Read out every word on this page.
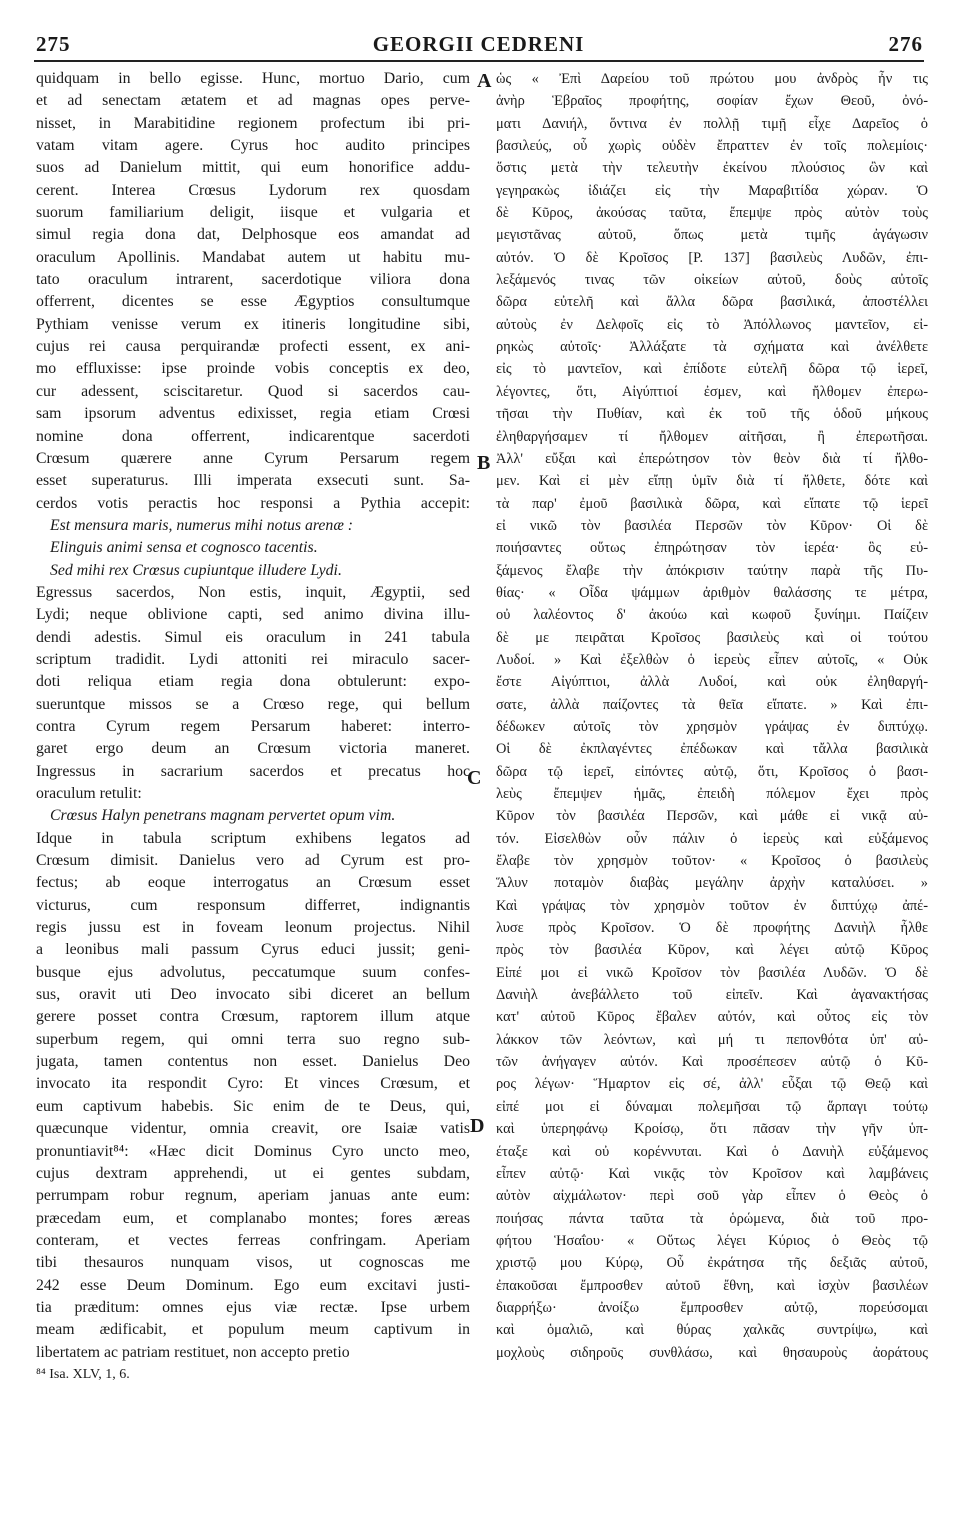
275	GEORGII CEDRENI	276
quidquam in bello egisse. Hunc, mortuo Dario, cum
et ad senectam ætatem et ad magnas opes perve-
nisset, in Marabitidine regionem profectum ibi pri-
vatam vitam agere. Cyrus hoc audito principes
suos ad Danielum mittit, qui eum honorifice addu-
cerent. Interea Crœsus Lydorum rex quosdam
suorum familiarium deligit, iisque et vulgaria et
simul regia dona dat, Delphosque eos amandat ad
oraculum Apollinis. Mandabat autem ut habitu mu-
tato oraculum intrarent, sacerdotique viliora dona
offerrent, dicentes se esse Ægyptios consultumque
Pythiam venisse verum ex itineris longitudine sibi,
cujus rei causa perquirandæ profecti essent, ex ani-
mo effluxisse: ipse proinde vobis conceptis ex deo,
cur adessent, sciscitaretur. Quod si sacerdos cau-
sam ipsorum adventus edixisset, regia etiam Crœsi
nomine dona offerrent, indicarentque sacerdoti
Crœsum quærere anne Cyrum Persarum regem
esset superaturus. Illi imperata exsecuti sunt. Sa-
cerdos votis peractis hoc responsi a Pythia accepit:
Est mensura maris, numerus mihi notus arenæ :
Elinguis animi sensa et cognosco tacentis.
Sed mihi rex Crœsus cupiuntque illudere Lydi.
Egressus sacerdos, Non estis, inquit, Ægyptii, sed
Lydi; neque oblivione capti, sed animo divina illu-
dendi adestis. Simul eis oraculum in 241 tabula
scriptum tradidit. Lydi attoniti rei miraculo sacer-
doti reliqua etiam regia dona obtulerunt: expo-
sueruntque missos se a Crœso rege, qui bellum
contra Cyrum regem Persarum haberet: interro-
garet ergo deum an Crœsum victoria maneret.
Ingressus in sacrarium sacerdos et precatus hoc
oraculum retulit:
Crœsus Halyn penetrans magnam pervertet opum vim.
Idque in tabula scriptum exhibens legatos ad
Crœsum dimisit. Danielus vero ad Cyrum est pro-
fectus; ab eoque interrogatus an Crœsum esset
victurus, cum responsum differret, indignantis
regis jussu est in foveam leonum projectus. Nihil
a leonibus mali passum Cyrus educi jussit; geni-
busque ejus advolutus, peccatumque suum confes-
sus, oravit uti Deo invocato sibi diceret an bellum
gerere posset contra Crœsum, raptorem illum atque
superbum regem, qui omni terra suo regno sub-
jugata, tamen contentus non esset. Danielus Deo
invocato ita respondit Cyro: Et vinces Crœsum, et
eum captivum habebis. Sic enim de te Deus, qui,
quæcunque videntur, omnia creavit, ore Isaiæ vatis
pronuntiavit⁸⁴: «Hæc dicit Dominus Cyro uncto meo,
cujus dextram apprehendi, ut ei gentes subdam,
perrumpam robur regnum, aperiam januas ante eum:
præcedam eum, et complanabo montes; fores æreas
conteram, et vectes ferreas confringam. Aperiam
tibi thesauros nunquam visos, ut cognoscas me
242 esse Deum Dominum. Ego eum excitavi justi-
tia præditum: omnes ejus viæ rectæ. Ipse urbem
meam ædificabit, et populum meum captivum in
libertatem ac patriam restituet, non accepto pretio
⁸⁴ Isa. XLV, 1, 6.
ὡς « Ἐπὶ Δαρείου τοῦ πρώτου μου ἀνδρὸς ἦν τις
ἀνὴρ Ἑβραῖος προφήτης, σοφίαν ἔχων Θεοῦ, ὀνό-
ματι Δανιήλ, ὅντινα ἐν πολλῇ τιμῇ εἶχε Δαρεῖος ὁ
βασιλεύς, οὗ χωρὶς οὐδὲν ἔπραττεν ἐν τοῖς πολεμίοις·
ὅστις μετὰ τὴν τελευτὴν ἐκείνου πλούσιος ὢν καὶ
γεγηρακὼς ἰδιάζει εἰς τὴν Μαραβιτίδα χώραν. Ὁ
δὲ Κῦρος, ἀκούσας ταῦτα, ἔπεμψε πρὸς αὐτὸν τοὺς
μεγιστᾶνας αὐτοῦ, ὅπως μετὰ τιμῆς ἀγάγωσιν
αὐτόν. Ὁ δὲ Κροῖσος [P. 137] βασιλεὺς Λυδῶν, ἐπι-
λεξάμενός τινας τῶν οἰκείων αὐτοῦ, δοὺς αὐτοῖς
δῶρα εὐτελῆ καὶ ἄλλα δῶρα βασιλικά, ἀποστέλλει
αὐτοὺς ἐν Δελφοῖς εἰς τὸ Ἀπόλλωνος μαντεῖον, εἰ-
ρηκὼς αὐτοῖς· Ἀλλάξατε τὰ σχήματα καὶ ἀνέλθετε
εἰς τὸ μαντεῖον, καὶ ἐπίδοτε εὐτελῆ δῶρα τῷ ἱερεῖ,
λέγοντες, ὅτι, Αἰγύπτιοί ἐσμεν, καὶ ἤλθομεν ἐπερω-
τῆσαι τὴν Πυθίαν, καὶ ἐκ τοῦ τῆς ὁδοῦ μήκους
ἐληθαργήσαμεν τί ἤλθομεν αἰτῆσαι, ἢ ἐπερωτῆσαι.
Ἀλλ' εὔξαι καὶ ἐπερώτησον τὸν θεὸν διὰ τί ἤλθο-
μεν. Καὶ εἰ μὲν εἴπῃ ὑμῖν διὰ τί ἤλθετε, δότε καὶ
τὰ παρ' ἐμοῦ βασιλικὰ δῶρα, καὶ εἴπατε τῷ ἱερεῖ
εἰ νικῶ τὸν βασιλέα Περσῶν τὸν Κῦρον· Οἱ δὲ
ποιήσαντες οὕτως ἐπηρώτησαν τὸν ἱερέα· ὃς εὐ-
ξάμενος ἔλαβε τὴν ἀπόκρισιν ταύτην παρὰ τῆς Πυ-
θίας· « Οἶδα ψάμμων ἀριθμὸν θαλάσσης τε μέτρα,
οὐ λαλέοντος δ' ἀκούω καὶ κωφοῦ ξυνίημι. Παίζειν
δὲ με πειρᾶται Κροῖσος βασιλεὺς καὶ οἱ τούτου
Λυδοί. » Καὶ ἐξελθὼν ὁ ἱερεὺς εἶπεν αὐτοῖς, « Οὐκ
ἔστε Αἰγύπτιοι, ἀλλὰ Λυδοί, καὶ οὐκ ἐληθαργή-
σατε, ἀλλὰ παίζοντες τὰ θεῖα εἴπατε. » Καὶ ἐπι-
δέδωκεν αὐτοῖς τὸν χρησμὸν γράψας ἐν διπτύχῳ.
Οἱ δὲ ἐκπλαγέντες ἐπέδωκαν καὶ τἄλλα βασιλικὰ
δῶρα τῷ ἱερεῖ, εἰπόντες αὐτῷ, ὅτι, Κροῖσος ὁ βασι-
λεὺς ἔπεμψεν ἡμᾶς, ἐπειδὴ πόλεμον ἔχει πρὸς
Κῦρον τὸν βασιλέα Περσῶν, καὶ μάθε εἰ νικᾷ αὐ-
τόν. Εἰσελθὼν οὖν πάλιν ὁ ἱερεὺς καὶ εὐξάμενος
ἔλαβε τὸν χρησμὸν τοῦτον· « Κροῖσος ὁ βασιλεὺς
Ἅλυν ποταμὸν διαβὰς μεγάλην ἀρχὴν καταλύσει. »
Καὶ γράψας τὸν χρησμὸν τοῦτον ἐν διπτύχῳ ἀπέ-
λυσε πρὸς Κροῖσον. Ὁ δὲ προφήτης Δανιὴλ ἦλθε
πρὸς τὸν βασιλέα Κῦρον, καὶ λέγει αὐτῷ Κῦρος
Εἰπέ μοι εἰ νικῶ Κροῖσον τὸν βασιλέα Λυδῶν. Ὁ δὲ
Δανιὴλ ἀνεβάλλετο τοῦ εἰπεῖν. Καὶ ἀγανακτήσας
κατ' αὐτοῦ Κῦρος ἔβαλεν αὐτόν, καὶ οὗτος εἰς τὸν
λάκκον τῶν λεόντων, καὶ μή τι πεπονθότα ὑπ' αὐ-
τῶν ἀνήγαγεν αὐτόν. Καὶ προσέπεσεν αὐτῷ ὁ Κῦ-
ρος λέγων· Ἥμαρτον εἰς σέ, ἀλλ' εὖξαι τῷ Θεῷ καὶ
εἰπέ μοι εἰ δύναμαι πολεμῆσαι τῷ ἅρπαγι τούτῳ
καὶ ὑπερηφάνῳ Κροίσῳ, ὅτι πᾶσαν τὴν γῆν ὑπ-
έταξε καὶ οὐ κορέννυται. Καὶ ὁ Δανιὴλ εὐξάμενος
εἶπεν αὐτῷ· Καὶ νικᾷς τὸν Κροῖσον καὶ λαμβάνεις
αὐτὸν αἰχμάλωτον· περὶ σοῦ γὰρ εἶπεν ὁ Θεὸς ὁ
ποιήσας πάντα ταῦτα τὰ ὁρώμενα, διὰ τοῦ προ-
φήτου Ἡσαΐου· « Οὕτως λέγει Κύριος ὁ Θεὸς τῷ
χριστῷ μου Κύρῳ, Οὗ ἐκράτησα τῆς δεξιᾶς αὐτοῦ,
ἐπακοῦσαι ἔμπροσθεν αὐτοῦ ἔθνη, καὶ ἰσχὺν βασιλέων
διαρρήξω· ἀνοίξω ἔμπροσθεν αὐτῷ, πορεύσομαι
καὶ ὁμαλιῶ, καὶ θύρας χαλκᾶς συντρίψω, καὶ
μοχλοὺς σιδηροῦς συνθλάσω, καὶ θησαυροὺς ἀοράτους
A
B
C
D
